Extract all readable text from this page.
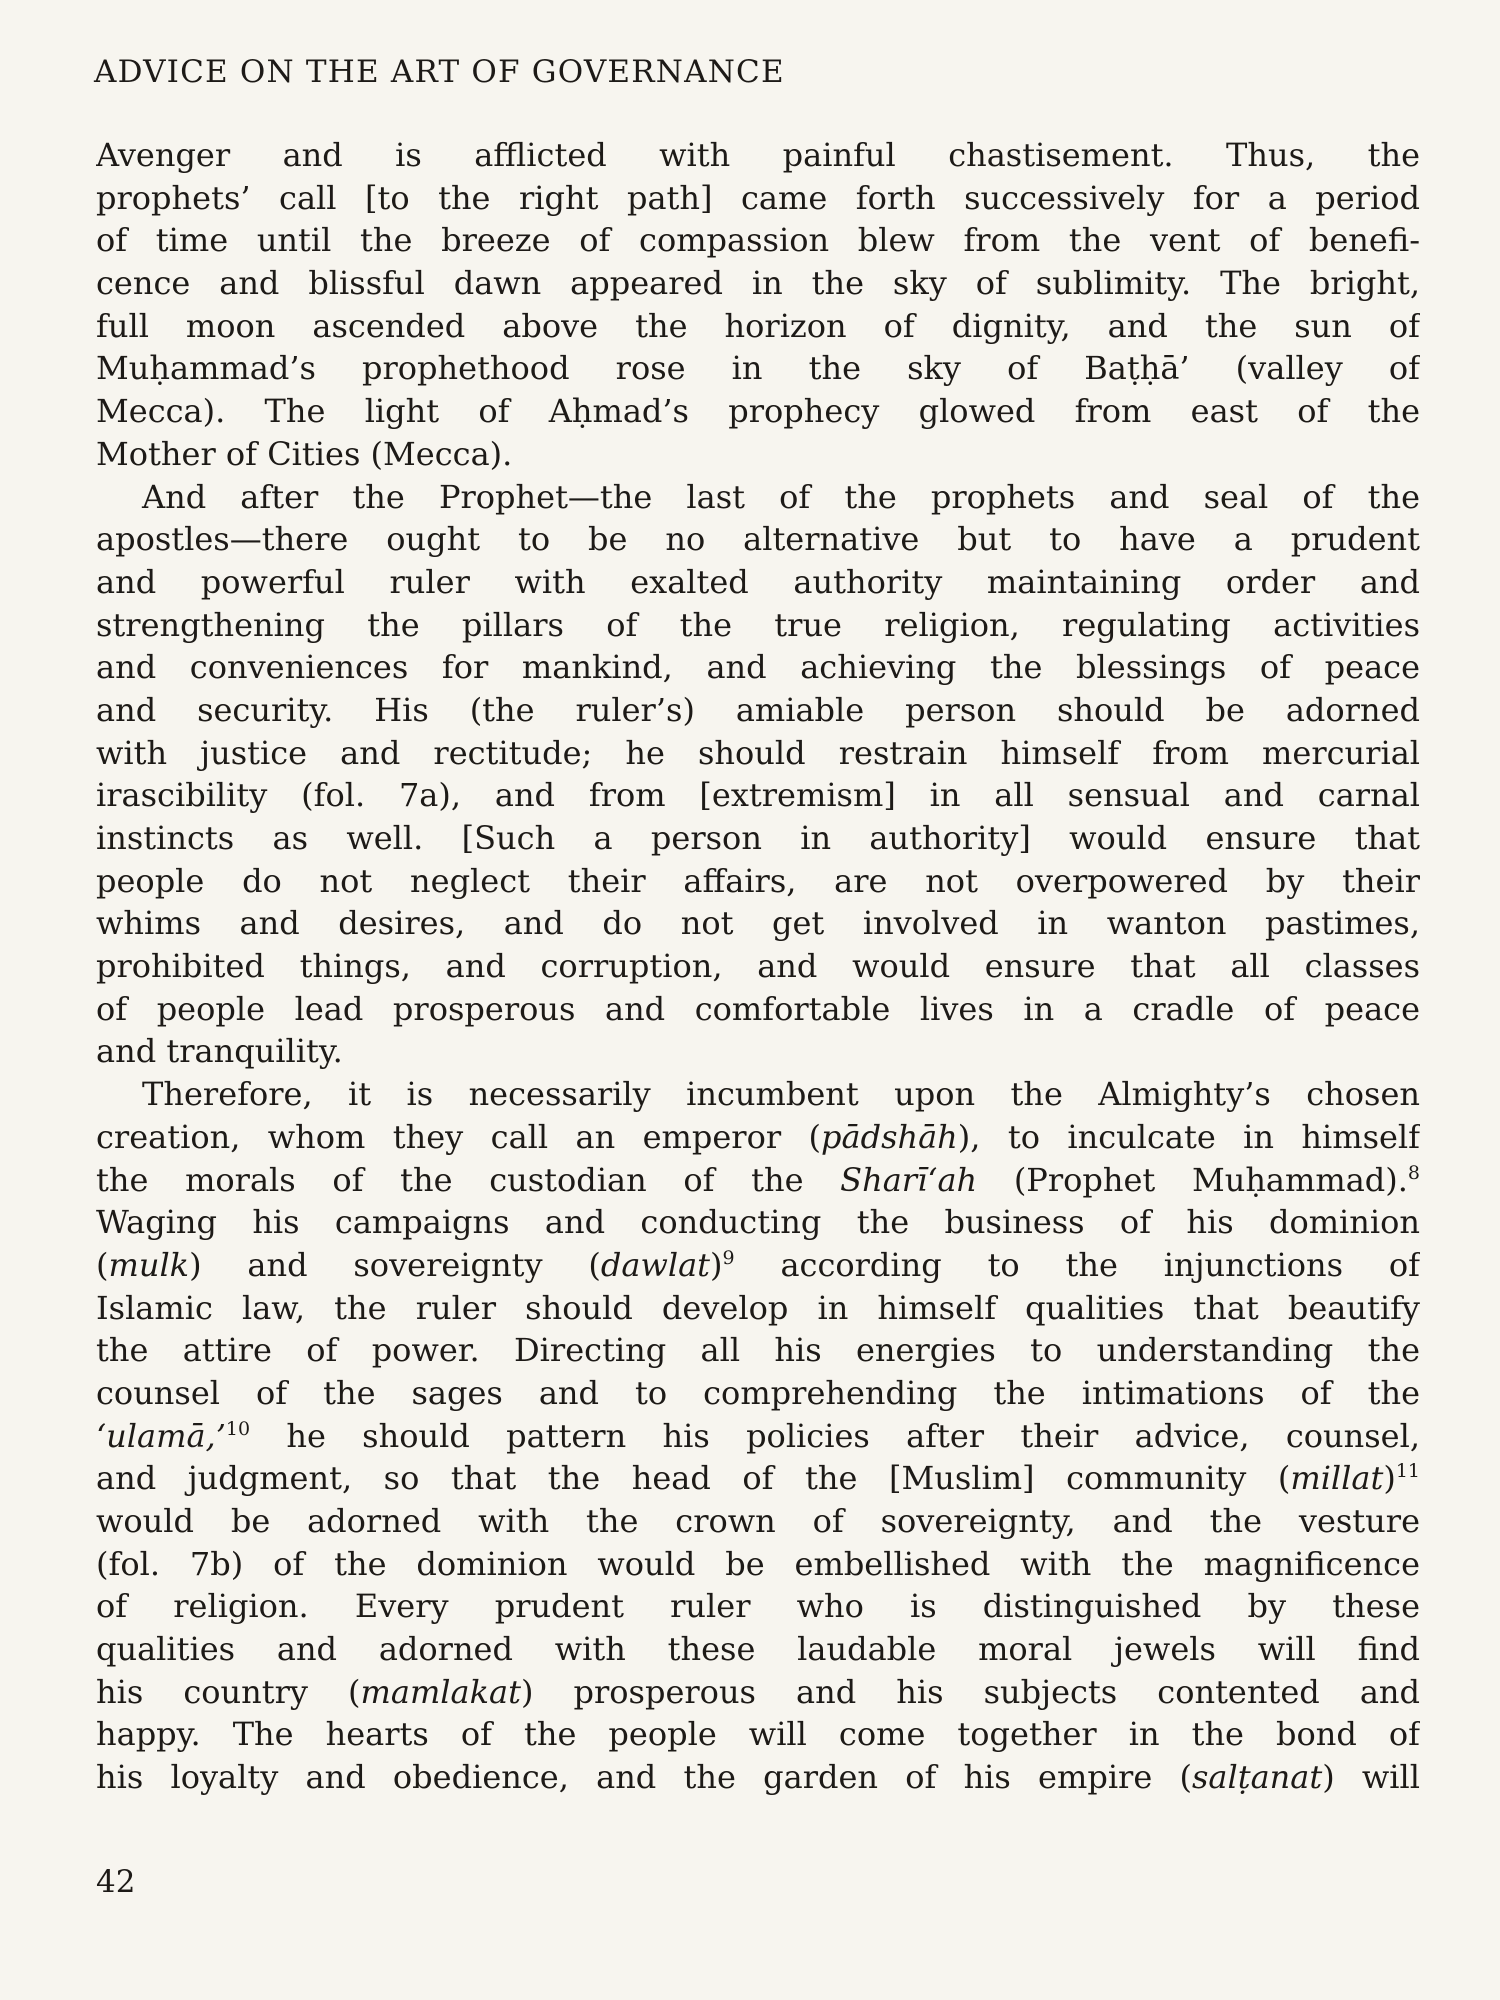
ADVICE ON THE ART OF GOVERNANCE
Avenger and is afflicted with painful chastisement. Thus, the
prophets’ call [to the right path] came forth successively for a period
of time until the breeze of compassion blew from the vent of benefi-
cence and blissful dawn appeared in the sky of sublimity. The bright,
full moon ascended above the horizon of dignity, and the sun of
Muḥammad’s prophethood rose in the sky of Baṭḥā’ (valley of
Mecca). The light of Aḥmad’s prophecy glowed from east of the
Mother of Cities (Mecca).
And after the Prophet—the last of the prophets and seal of the
apostles—there ought to be no alternative but to have a prudent
and powerful ruler with exalted authority maintaining order and
strengthening the pillars of the true religion, regulating activities
and conveniences for mankind, and achieving the blessings of peace
and security. His (the ruler’s) amiable person should be adorned
with justice and rectitude; he should restrain himself from mercurial
irascibility (fol. 7a), and from [extremism] in all sensual and carnal
instincts as well. [Such a person in authority] would ensure that
people do not neglect their affairs, are not overpowered by their
whims and desires, and do not get involved in wanton pastimes,
prohibited things, and corruption, and would ensure that all classes
of people lead prosperous and comfortable lives in a cradle of peace
and tranquility.
Therefore, it is necessarily incumbent upon the Almighty’s chosen
creation, whom they call an emperor (pādshāh), to inculcate in himself
the morals of the custodian of the Sharī‘ah (Prophet Muḥammad).$^8$
Waging his campaigns and conducting the business of his dominion
(mulk) and sovereignty (dawlat)$^9$ according to the injunctions of
Islamic law, the ruler should develop in himself qualities that beautify
the attire of power. Directing all his energies to understanding the
counsel of the sages and to comprehending the intimations of the
‘ulamā,’$^{10}$ he should pattern his policies after their advice, counsel,
and judgment, so that the head of the [Muslim] community (millat)$^{11}$
would be adorned with the crown of sovereignty, and the vesture
(fol. 7b) of the dominion would be embellished with the magnificence
of religion. Every prudent ruler who is distinguished by these
qualities and adorned with these laudable moral jewels will find
his country (mamlakat) prosperous and his subjects contented and
happy. The hearts of the people will come together in the bond of
his loyalty and obedience, and the garden of his empire (salṭanat) will
42
